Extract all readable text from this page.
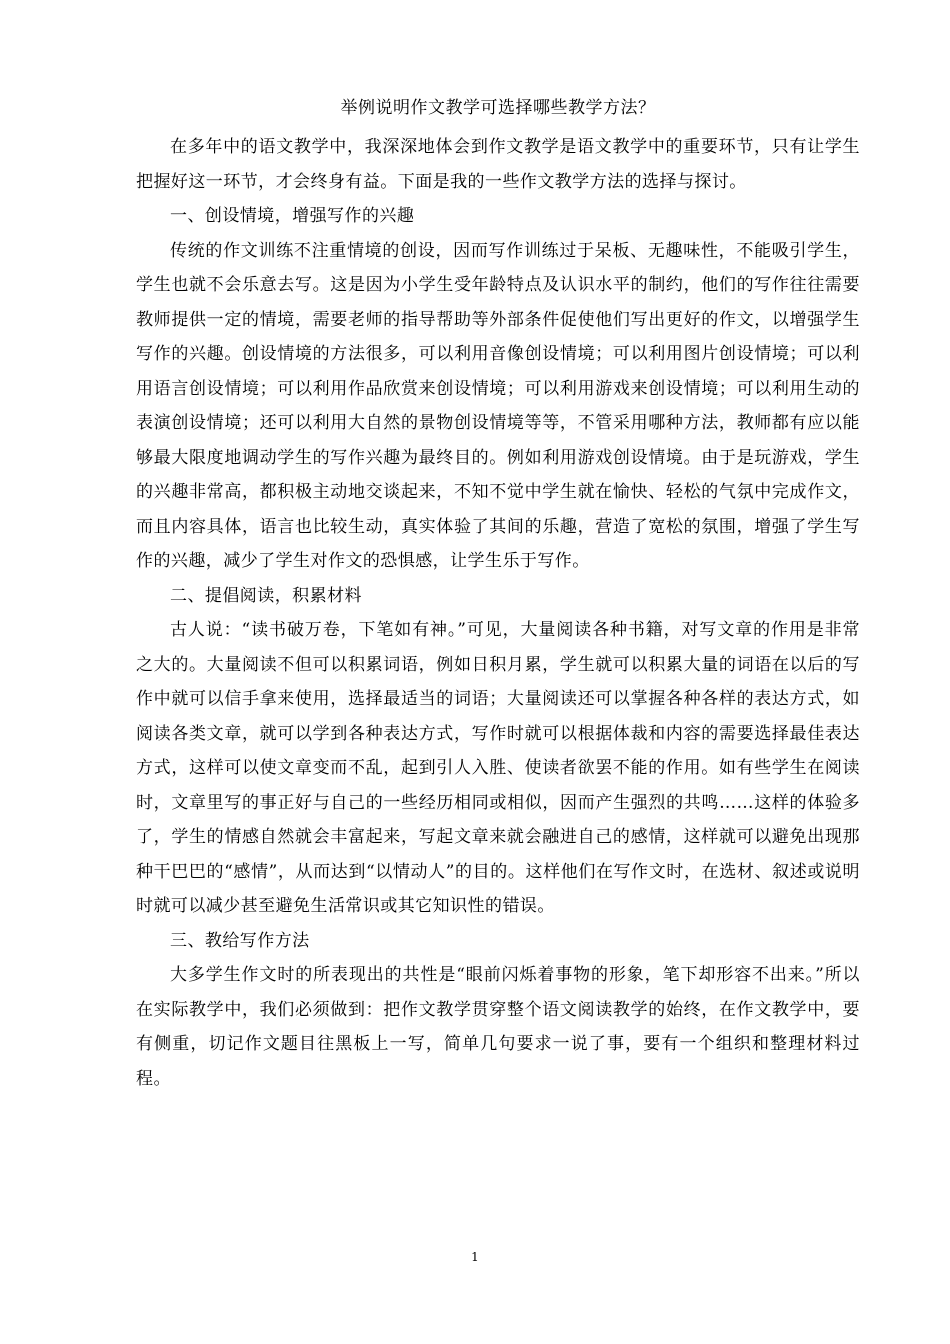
举例说明作文教学可选择哪些教学方法？

在多年中的语文教学中，我深深地体会到作文教学是语文教学中的重要环节，只有让学生把握好这一环节，才会终身有益。下面是我的一些作文教学方法的选择与探讨。

一、创设情境，增强写作的兴趣

传统的作文训练不注重情境的创设，因而写作训练过于呆板、无趣味性，不能吸引学生，学生也就不会乐意去写。这是因为小学生受年龄特点及认识水平的制约，他们的写作往往需要教师提供一定的情境，需要老师的指导帮助等外部条件促使他们写出更好的作文，以增强学生写作的兴趣。创设情境的方法很多，可以利用音像创设情境；可以利用图片创设情境；可以利用语言创设情境；可以利用作品欣赏来创设情境；可以利用游戏来创设情境；可以利用生动的表演创设情境；还可以利用大自然的景物创设情境等等，不管采用哪种方法，教师都有应以能够最大限度地调动学生的写作兴趣为最终目的。例如利用游戏创设情境。由于是玩游戏，学生的兴趣非常高，都积极主动地交谈起来，不知不觉中学生就在愉快、轻松的气氛中完成作文，而且内容具体，语言也比较生动，真实体验了其间的乐趣，营造了宽松的氛围，增强了学生写作的兴趣，减少了学生对作文的恐惧感，让学生乐于写作。

二、提倡阅读，积累材料

古人说：“读书破万卷，下笔如有神。”可见，大量阅读各种书籍，对写文章的作用是非常之大的。大量阅读不但可以积累词语，例如日积月累，学生就可以积累大量的词语在以后的写作中就可以信手拿来使用，选择最适当的词语；大量阅读还可以掌握各种各样的表达方式，如阅读各类文章，就可以学到各种表达方式，写作时就可以根据体裁和内容的需要选择最佳表达方式，这样可以使文章变而不乱，起到引人入胜、使读者欲罢不能的作用。如有些学生在阅读时，文章里写的事正好与自己的一些经历相同或相似，因而产生强烈的共鸣……这样的体验多了，学生的情感自然就会丰富起来，写起文章来就会融进自己的感情，这样就可以避免出现那种干巴巴的“感情”，从而达到“以情动人”的目的。这样他们在写作文时，在选材、叙述或说明时就可以减少甚至避免生活常识或其它知识性的错误。

三、教给写作方法

大多学生作文时的所表现出的共性是“眼前闪烁着事物的形象，笔下却形容不出来。”所以在实际教学中，我们必须做到：把作文教学贯穿整个语文阅读教学的始终，在作文教学中，要有侧重，切记作文题目往黑板上一写，简单几句要求一说了事，要有一个组织和整理材料过程。

1
